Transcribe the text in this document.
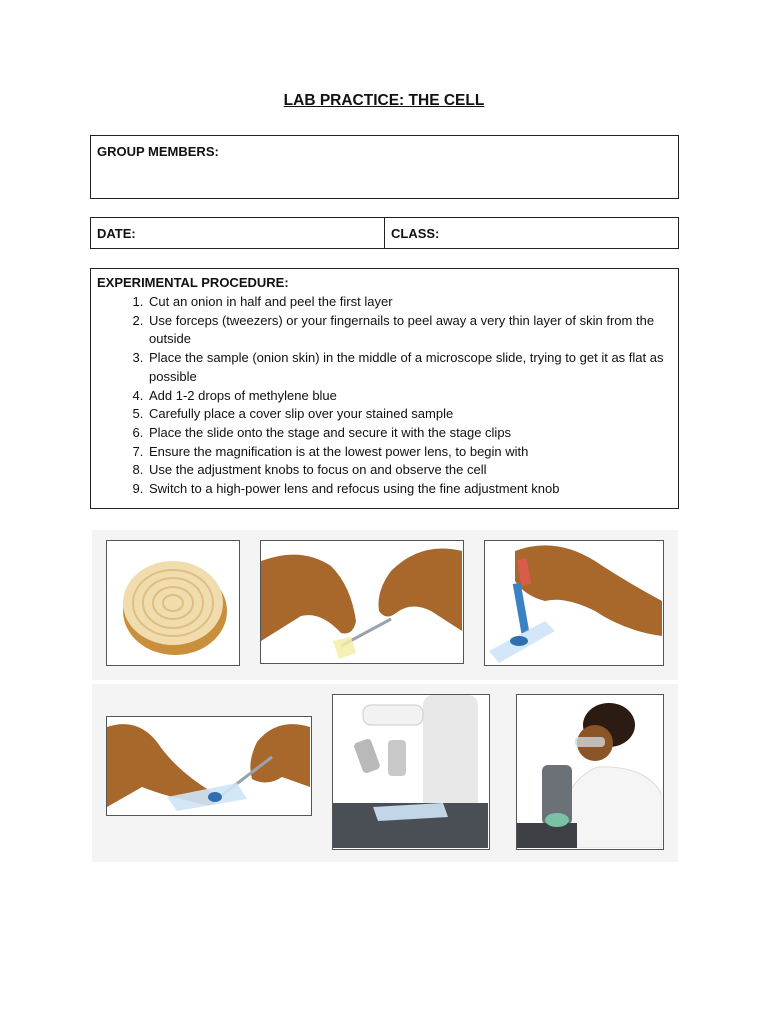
LAB PRACTICE: THE CELL
GROUP MEMBERS:
DATE:	CLASS:
EXPERIMENTAL PROCEDURE:
1. Cut an onion in half and peel the first layer
2. Use forceps (tweezers) or your fingernails to peel away a very thin layer of skin from the outside
3. Place the sample (onion skin) in the middle of a microscope slide, trying to get it as flat as possible
4. Add 1-2 drops of methylene blue
5. Carefully place a cover slip over your stained sample
6. Place the slide onto the stage and secure it with the stage clips
7. Ensure the magnification is at the lowest power lens, to begin with
8. Use the adjustment knobs to focus on and observe the cell
9. Switch to a high-power lens and refocus using the fine adjustment knob
